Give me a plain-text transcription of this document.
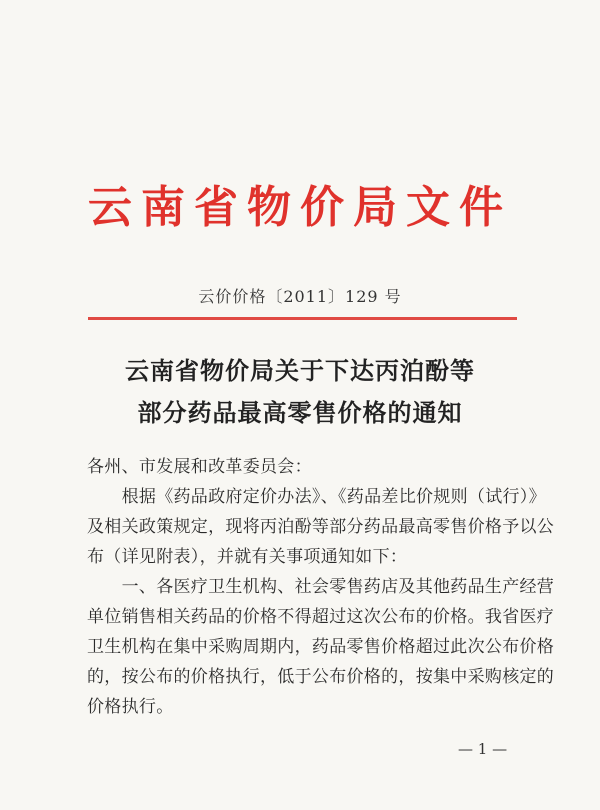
云南省物价局文件
云价价格〔2011〕129 号
云南省物价局关于下达丙泊酚等
部分药品最高零售价格的通知
各州、市发展和改革委员会：
　　根据《药品政府定价办法》、《药品差比价规则（试行）》
及相关政策规定，现将丙泊酚等部分药品最高零售价格予以公
布（详见附表），并就有关事项通知如下：
　　一、各医疗卫生机构、社会零售药店及其他药品生产经营
单位销售相关药品的价格不得超过这次公布的价格。我省医疗
卫生机构在集中采购周期内，药品零售价格超过此次公布价格
的，按公布的价格执行，低于公布价格的，按集中采购核定的
价格执行。
— 1 —
